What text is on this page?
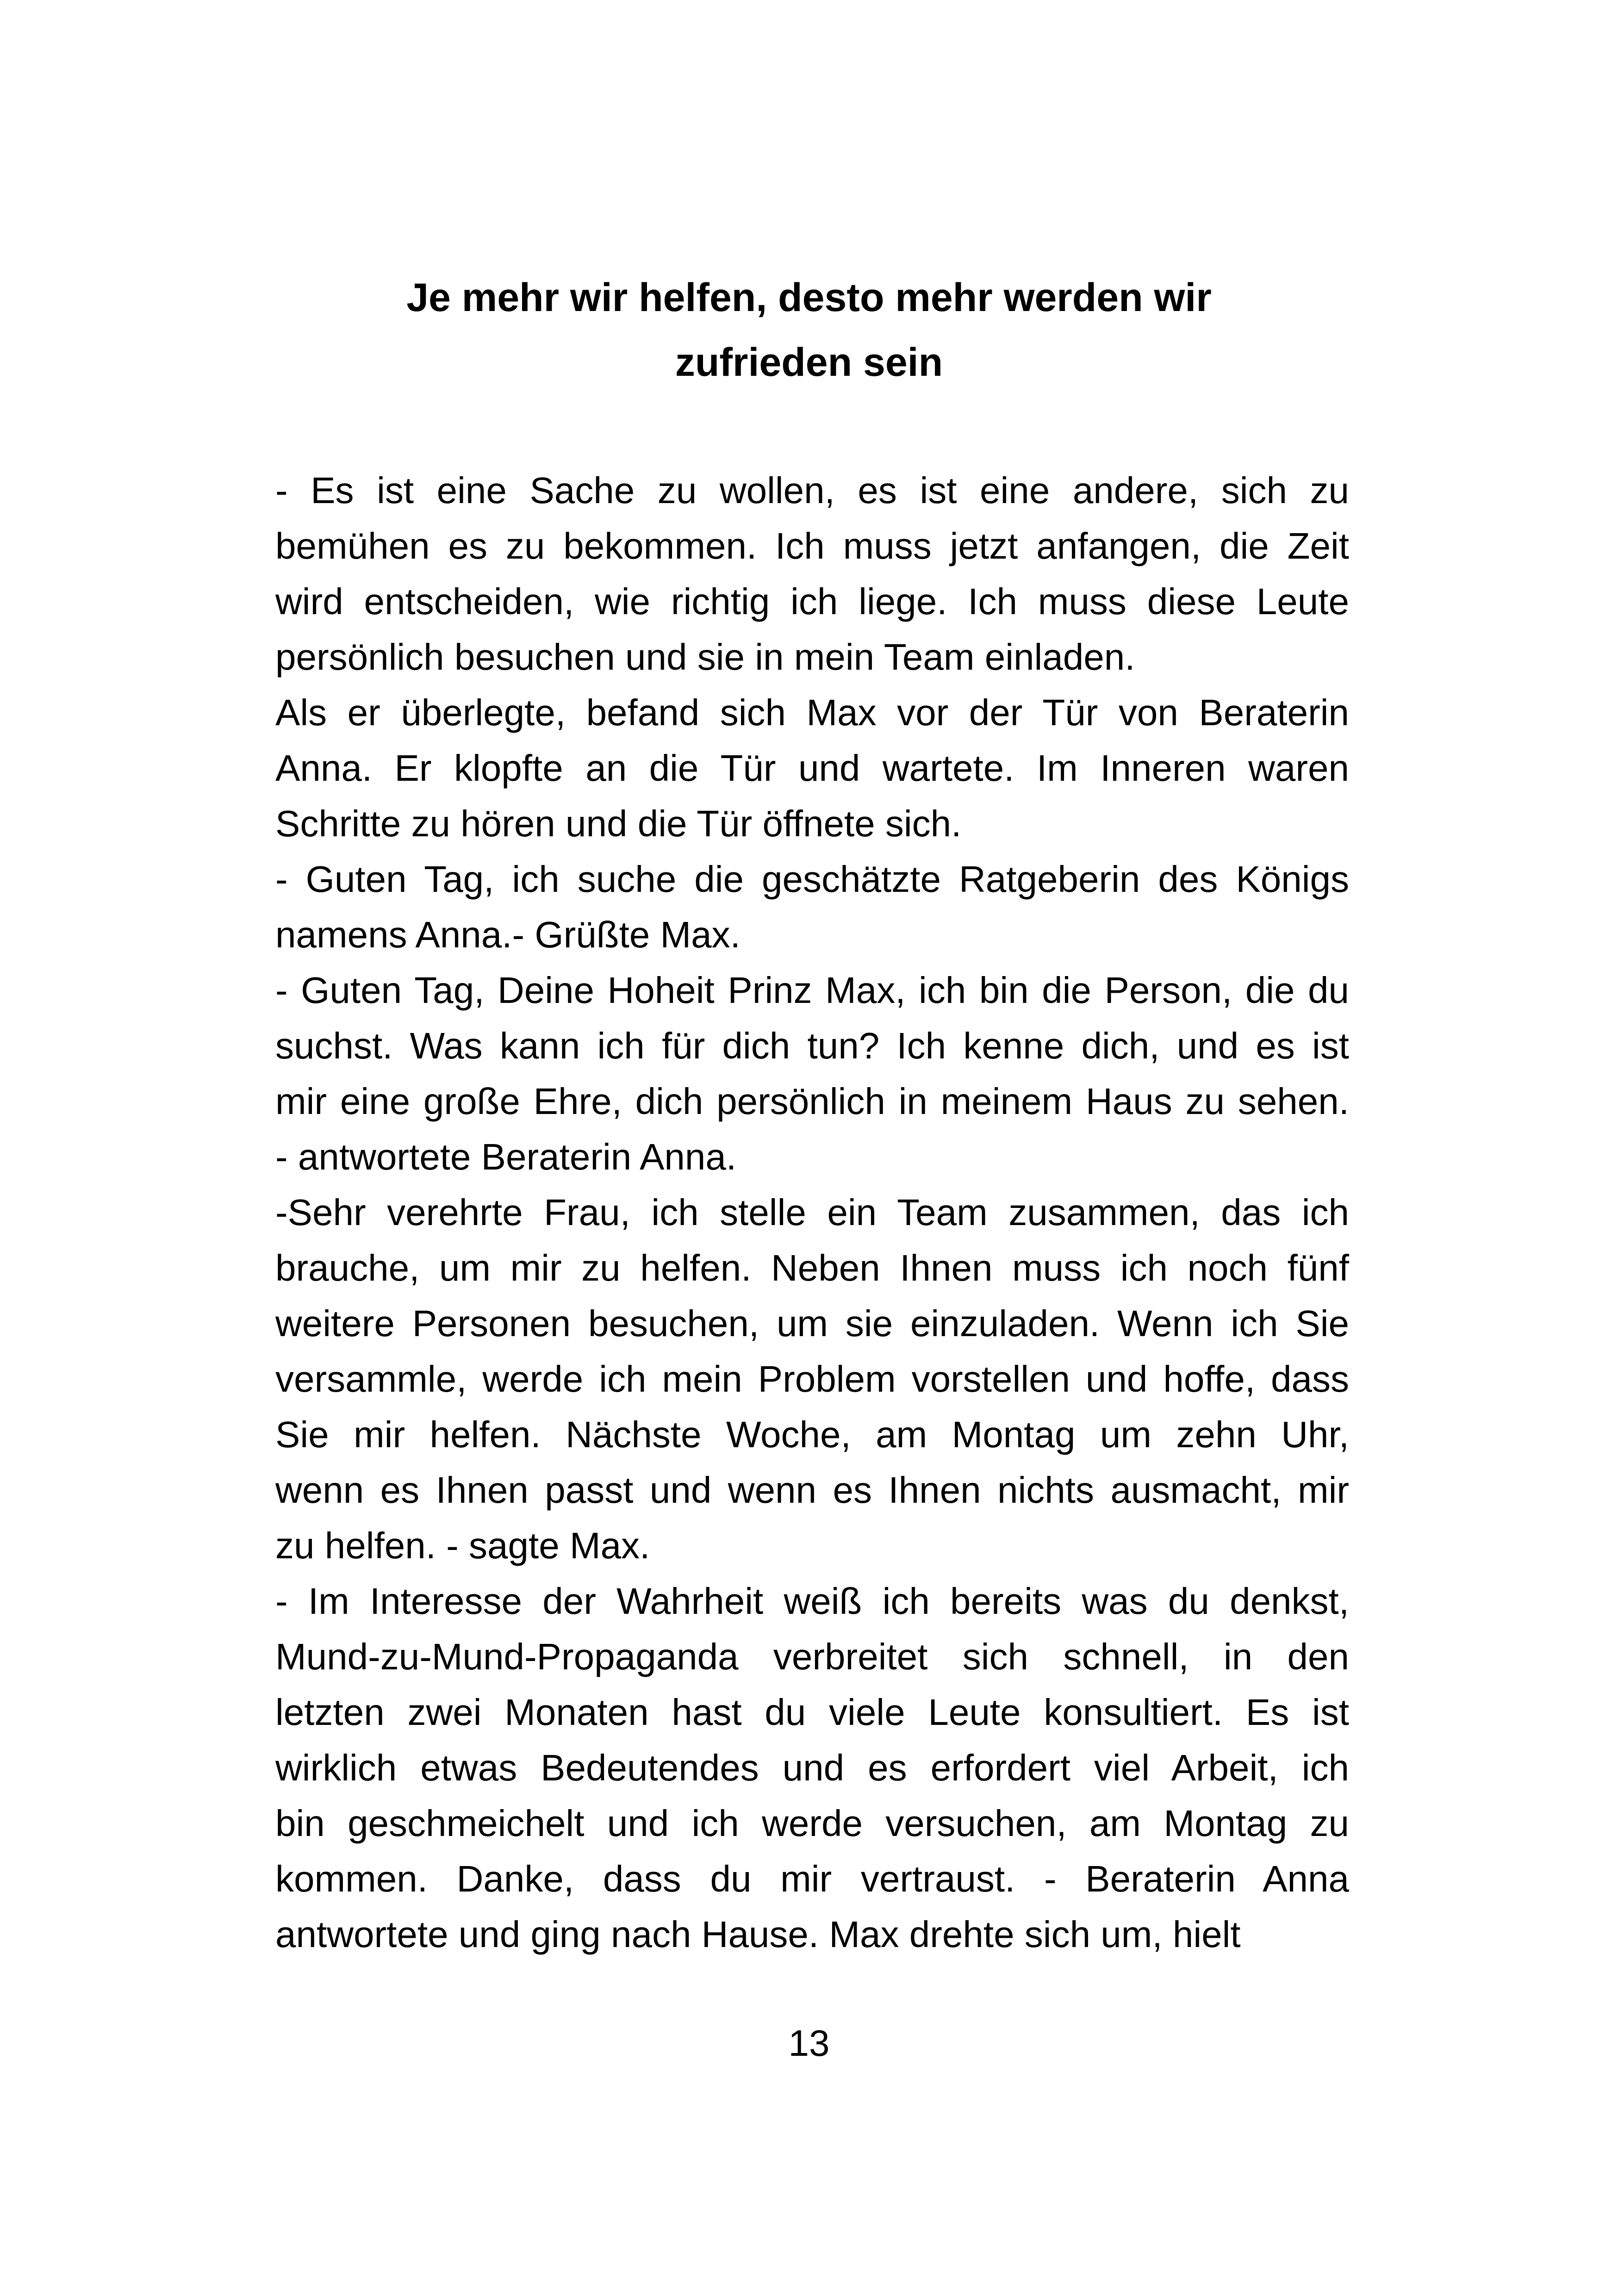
Je mehr wir helfen, desto mehr werden wir
zufrieden sein
- Es ist eine Sache zu wollen, es ist eine andere, sich zu
bemühen es zu bekommen. Ich muss jetzt anfangen, die Zeit
wird entscheiden, wie richtig ich liege. Ich muss diese Leute
persönlich besuchen und sie in mein Team einladen.
Als er überlegte, befand sich Max vor der Tür von Beraterin
Anna. Er klopfte an die Tür und wartete. Im Inneren waren
Schritte zu hören und die Tür öffnete sich.
- Guten Tag, ich suche die geschätzte Ratgeberin des Königs
namens Anna.- Grüßte Max.
- Guten Tag, Deine Hoheit Prinz Max, ich bin die Person, die du
suchst. Was kann ich für dich tun? Ich kenne dich, und es ist
mir eine große Ehre, dich persönlich in meinem Haus zu sehen.
- antwortete Beraterin Anna.
-Sehr verehrte Frau, ich stelle ein Team zusammen, das ich
brauche, um mir zu helfen. Neben Ihnen muss ich noch fünf
weitere Personen besuchen, um sie einzuladen. Wenn ich Sie
versammle, werde ich mein Problem vorstellen und hoffe, dass
Sie mir helfen. Nächste Woche, am Montag um zehn Uhr,
wenn es Ihnen passt und wenn es Ihnen nichts ausmacht, mir
zu helfen. - sagte Max.
- Im Interesse der Wahrheit weiß ich bereits was du denkst,
Mund-zu-Mund-Propaganda verbreitet sich schnell, in den
letzten zwei Monaten hast du viele Leute konsultiert. Es ist
wirklich etwas Bedeutendes und es erfordert viel Arbeit, ich
bin geschmeichelt und ich werde versuchen, am Montag zu
kommen. Danke, dass du mir vertraust. - Beraterin Anna
antwortete und ging nach Hause. Max drehte sich um, hielt
13
